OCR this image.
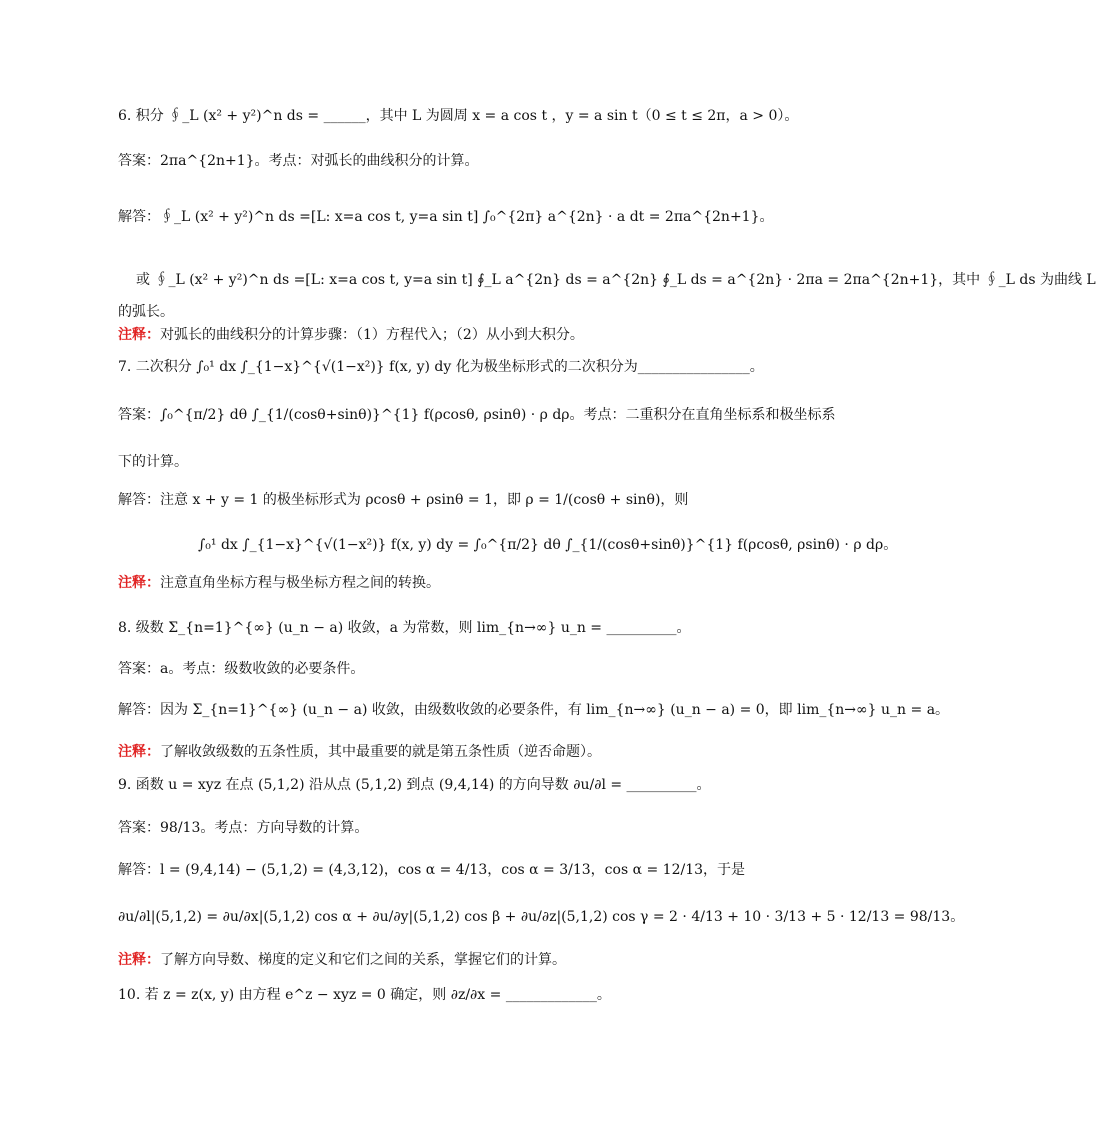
6. 积分 ∮_L (x² + y²)^n ds = ______，其中 L 为圆周 x = a cos t ，y = a sin t（0 ≤ t ≤ 2π，a > 0）。
答案：2πa^{2n+1}。考点：对弧长的曲线积分的计算。
解答：∮_L (x² + y²)^n ds =[L: x=a cos t, y=a sin t] ∫₀^{2π} a^{2n} · a dt = 2πa^{2n+1}。
或 ∮_L (x² + y²)^n ds =[L: x=a cos t, y=a sin t] ∮_L a^{2n} ds = a^{2n} ∮_L ds = a^{2n} · 2πa = 2πa^{2n+1}，其中 ∮_L ds 为曲线 L
的弧长。
注释：对弧长的曲线积分的计算步骤：（1）方程代入；（2）从小到大积分。
7. 二次积分 ∫₀¹ dx ∫_{1−x}^{√(1−x²)} f(x, y) dy 化为极坐标形式的二次积分为________________。
答案：∫₀^{π/2} dθ ∫_{1/(cosθ+sinθ)}^{1} f(ρcosθ, ρsinθ) · ρ dρ。考点：二重积分在直角坐标系和极坐标系
下的计算。
解答：注意 x + y = 1 的极坐标形式为 ρcosθ + ρsinθ = 1，即 ρ = 1/(cosθ + sinθ)，则
∫₀¹ dx ∫_{1−x}^{√(1−x²)} f(x, y) dy = ∫₀^{π/2} dθ ∫_{1/(cosθ+sinθ)}^{1} f(ρcosθ, ρsinθ) · ρ dρ。
注释：注意直角坐标方程与极坐标方程之间的转换。
8. 级数 Σ_{n=1}^{∞} (u_n − a) 收敛，a 为常数，则 lim_{n→∞} u_n = __________。
答案：a。考点：级数收敛的必要条件。
解答：因为 Σ_{n=1}^{∞} (u_n − a) 收敛，由级数收敛的必要条件，有 lim_{n→∞} (u_n − a) = 0，即 lim_{n→∞} u_n = a。
注释：了解收敛级数的五条性质，其中最重要的就是第五条性质（逆否命题）。
9. 函数 u = xyz 在点 (5,1,2) 沿从点 (5,1,2) 到点 (9,4,14) 的方向导数 ∂u/∂l = __________。
答案：98/13。考点：方向导数的计算。
解答：l = (9,4,14) − (5,1,2) = (4,3,12)，cos α = 4/13，cos α = 3/13，cos α = 12/13，于是
∂u/∂l|(5,1,2) = ∂u/∂x|(5,1,2) cos α + ∂u/∂y|(5,1,2) cos β + ∂u/∂z|(5,1,2) cos γ = 2 · 4/13 + 10 · 3/13 + 5 · 12/13 = 98/13。
注释：了解方向导数、梯度的定义和它们之间的关系，掌握它们的计算。
10. 若 z = z(x, y) 由方程 e^z − xyz = 0 确定，则 ∂z/∂x = _____________。
